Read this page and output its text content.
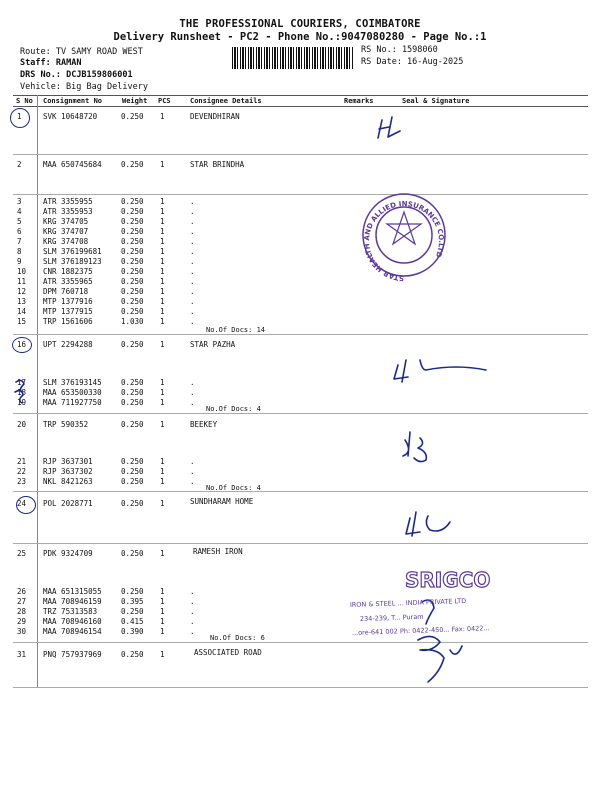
THE PROFESSIONAL COURIERS, COIMBATORE
Delivery Runsheet - PC2 - Phone No.:9047080280 - Page No.:1
Route: TV SAMY ROAD WEST
Staff: RAMAN
DRS No.: DCJB159806001
Vehicle: Big Bag Delivery
RS No.: 1598060
RS Date: 16-Aug-2025
S No Consignment No	Weight PCS	Consignee Details	Remarks	Seal & Signature
1	SVK 10648720	0.250 1	DEVENDHIRAN
2	MAA 650745684	0.250 1	STAR BRINDHA
3	ATR 3355955	0.250 1	.
4	ATR 3355953	0.250 1	.
5	KRG 374705	0.250 1	.
6	KRG 374707	0.250 1	.
7	KRG 374708	0.250 1	.
8	SLM 376199681	0.250 1	.
9	SLM 376189123	0.250 1	.
10 CNR 1882375	0.250 1	.
11 ATR 3355965	0.250 1	.
12 DPM 760718	0.250 1	.
13 MTP 1377916	0.250 1	.
14 MTP 1377915	0.250 1	.
15 TRP 1561606	1.030 1	.
No.Of Docs: 14
16 UPT 2294288	0.250 1	STAR PAZHA
17 SLM 376193145	0.250 1	.
18 MAA 653500330	0.250 1	.
19 MAA 711927750	0.250 1	.
No.Of Docs: 4
20 TRP 590352	0.250 1	BEEKEY
21 RJP 3637301	0.250 1	.
22 RJP 3637302	0.250 1	.
23 NKL 8421263	0.250 1	.
No.Of Docs: 4
24 POL 2028771	0.250 1	SUNDHARAM HOME
25 PDK 9324709	0.250 1	RAMESH IRON
26 MAA 651315055	0.250 1	.
27 MAA 708946159	0.395 1	.
28 TRZ 75313583	0.250 1	.
29 MAA 708946160	0.415 1	.
30 MAA 708946154	0.390 1	.
No.Of Docs: 6
31 PNQ 757937969	0.250 1	ASSOCIATED ROAD
STAR HEALTH AND ALLIED INSURANCE CO.LTD
SRIGCO
IRON & STEEL ... INDIA PRIVATE LTD
234-239, T... Puram
...ore-641 002 Ph: 0422-450... Fax: 0422...
